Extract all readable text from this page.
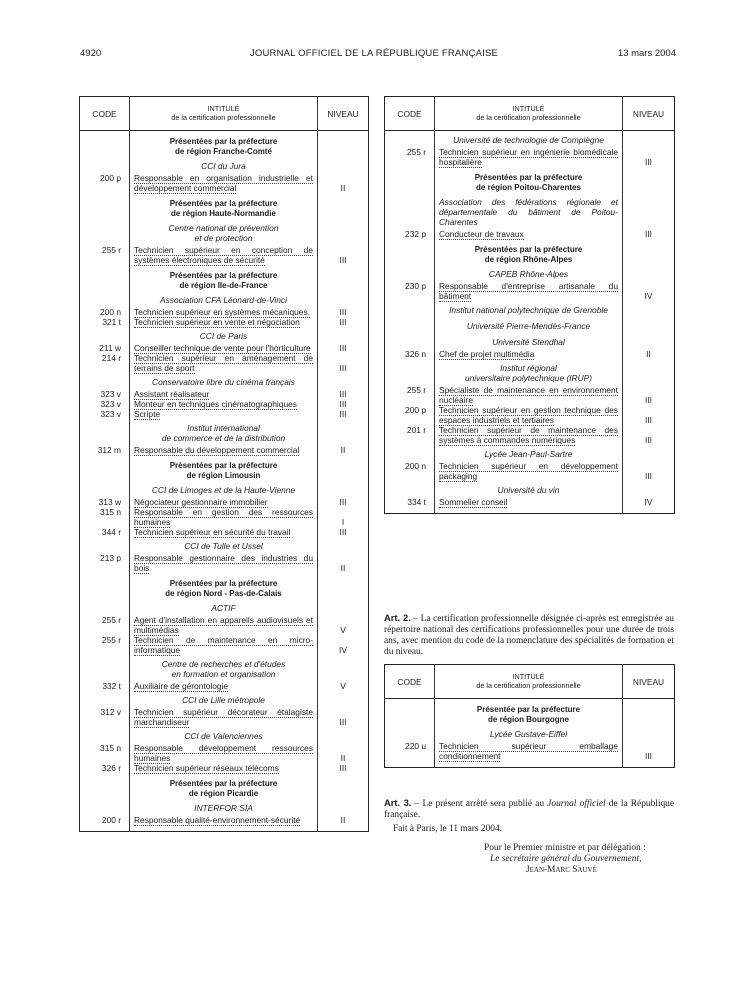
4920	JOURNAL OFFICIEL DE LA RÉPUBLIQUE FRANÇAISE	13 mars 2004
CODE	INTITULÉ
de la certification professionnelle	NIVEAU
	Présentées par la préfecture
de région Franche-Comté	
	CCI du Jura	
200 p	Responsable en organisation industrielle et développement commercial	II
	Présentées par la préfecture
de région Haute-Normandie	
	Centre national de prévention
et de protection	
255 r	Technicien supérieur en conception de systèmes électroniques de sécurité	III
	Présentées par la préfecture
de région Ile-de-France	
	Association CFA Léonard-de-Vinci	
200 n	Technicien supérieur en systèmes mécaniques.	III
321 t	Technicien supérieur en vente et négociation	III
	CCI de Paris	
211 w	Conseiller technique de vente pour l'horticulture	III
214 r	Technicien supérieur en aménagement de terrains de sport	III
	Conservatoire libre du cinéma français	
323 v	Assistant réalisateur	III
323 v	Monteur en techniques cinématographiques	III
323 v	Scripte	III
	Institut international
de commerce et de la distribution	
312 m	Responsable du développement commercial	II
	Présentées par la préfecture
de région Limousin	
	CCI de Limoges et de la Haute-Vienne	
313 w	Négociateur gestionnaire immobilier	III
315 n	Responsable en gestion des ressources humaines	I
344 r	Technicien supérieur en sécurité du travail	III
	CCI de Tulle et Ussel	
213 p	Responsable gestionnaire des industries du bois	II
	Présentées par la préfecture
de région Nord - Pas-de-Calais	
	ACTIF	
255 r	Agent d'installation en appareils audiovisuels et multimédias	V
255 r	Technicien de maintenance en micro-informatique	IV
	Centre de recherches et d'études
en formation et organisation	
332 t	Auxiliaire de gérontologie	V
	CCI de Lille métropole	
312 v	Technicien supérieur décorateur étalagiste marchandiseur	III
	CCI de Valenciennes	
315 n	Responsable développement ressources humaines	II
326 r	Technicien supérieur réseaux télécoms	III
	Présentées par la préfecture
de région Picardie	
	INTERFOR SIA	
200 r	Responsable qualité-environnement-sécurité	II

CODE	INTITULÉ
de la certification professionnelle	NIVEAU
	Université de technologie de Compiègne	
255 r	Technicien supérieur en ingénierie biomédicale hospitalière	III
	Présentées par la préfecture
de région Poitou-Charentes	
	Association des fédérations régionale et départementale du bâtiment de Poitou-Charentes	
232 p	Conducteur de travaux	III
	Présentées par la préfecture
de région Rhône-Alpes	
	CAPEB Rhône-Alpes	
230 p	Responsable d'entreprise artisanale du bâtiment	IV
	Institut national polytechnique de Grenoble	
	Université Pierre-Mendès-France	
	Université Stendhal	
326 n	Chef de projet multimédia	II
	Institut régional
universitaire polytechnique (IRUP)	
255 r	Spécialiste de maintenance en environnement nucléaire	III
200 p	Technicien supérieur en gestion technique des espaces industriels et tertiaires	III
201 r	Technicien supérieur de maintenance des systèmes à commandes numériques	III
	Lycée Jean-Paul-Sartre	
200 n	Technicien supérieur en développement packaging	III
	Université du vin	
334 t	Sommelier conseil	IV

Art. 2. – La certification professionnelle désignée ci-après est enregistrée au répertoire national des certifications professionnelles pour une durée de trois ans, avec mention du code de la nomenclature des spécialités de formation et du niveau.
CODE	INTITULÉ
de la certification professionnelle	NIVEAU
	Présentée par la préfecture
de région Bourgogne	
	Lycée Gustave-Eiffel	
220 u	Technicien supérieur emballage conditionnement	III

Art. 3. – Le présent arrêté sera publié au Journal officiel de la République française.
Fait à Paris, le 11 mars 2004.
Pour le Premier ministre et par délégation :
Le secrétaire général du Gouvernement,
Jean-Marc Sauvé
